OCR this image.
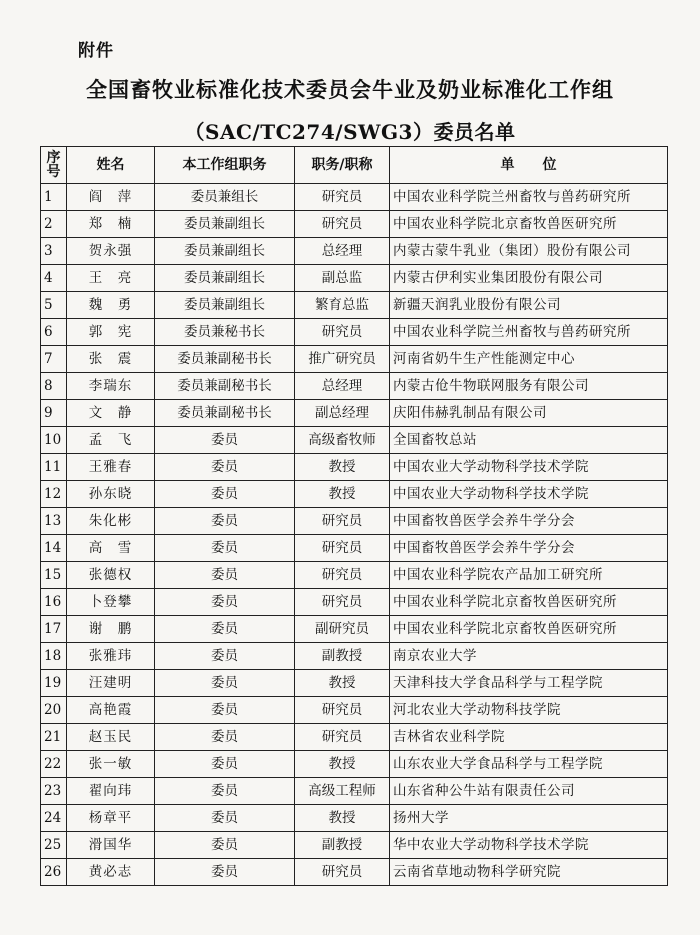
附件
全国畜牧业标准化技术委员会牛业及奶业标准化工作组
（SAC/TC274/SWG3）委员名单
序
号	姓名	本工作组职务	职务/职称	单　　位
1	阎　萍	委员兼组长	研究员	中国农业科学院兰州畜牧与兽药研究所
2	郑　楠	委员兼副组长	研究员	中国农业科学院北京畜牧兽医研究所
3	贺永强	委员兼副组长	总经理	内蒙古蒙牛乳业（集团）股份有限公司
4	王　亮	委员兼副组长	副总监	内蒙古伊利实业集团股份有限公司
5	魏　勇	委员兼副组长	繁育总监	新疆天润乳业股份有限公司
6	郭　宪	委员兼秘书长	研究员	中国农业科学院兰州畜牧与兽药研究所
7	张　震	委员兼副秘书长	推广研究员	河南省奶牛生产性能测定中心
8	李瑞东	委员兼副秘书长	总经理	内蒙古伧牛物联网服务有限公司
9	文　静	委员兼副秘书长	副总经理	庆阳伟赫乳制品有限公司
10	孟　飞	委员	高级畜牧师	全国畜牧总站
11	王雅春	委员	教授	中国农业大学动物科学技术学院
12	孙东晓	委员	教授	中国农业大学动物科学技术学院
13	朱化彬	委员	研究员	中国畜牧兽医学会养牛学分会
14	高　雪	委员	研究员	中国畜牧兽医学会养牛学分会
15	张德权	委员	研究员	中国农业科学院农产品加工研究所
16	卜登攀	委员	研究员	中国农业科学院北京畜牧兽医研究所
17	谢　鹏	委员	副研究员	中国农业科学院北京畜牧兽医研究所
18	张雅玮	委员	副教授	南京农业大学
19	汪建明	委员	教授	天津科技大学食品科学与工程学院
20	高艳霞	委员	研究员	河北农业大学动物科技学院
21	赵玉民	委员	研究员	吉林省农业科学院
22	张一敏	委员	教授	山东农业大学食品科学与工程学院
23	翟向玮	委员	高级工程师	山东省种公牛站有限责任公司
24	杨章平	委员	教授	扬州大学
25	滑国华	委员	副教授	华中农业大学动物科学技术学院
26	黄必志	委员	研究员	云南省草地动物科学研究院
